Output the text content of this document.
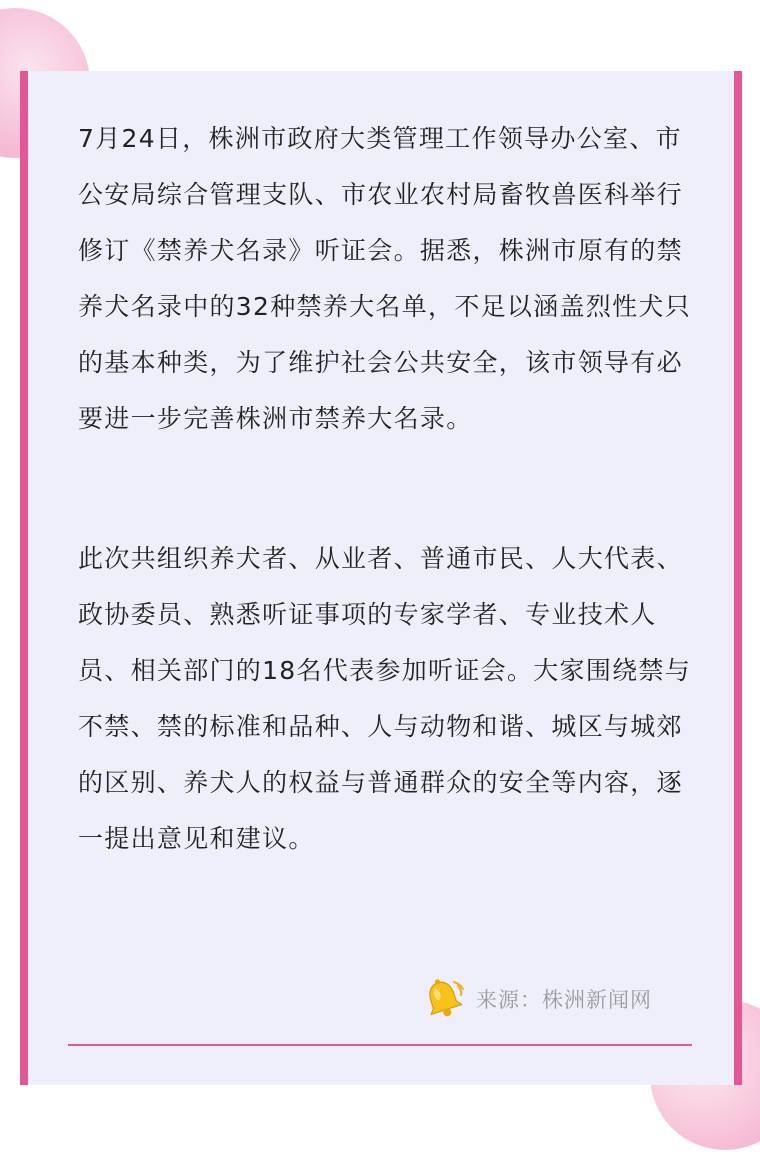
7月24日，株洲市政府大类管理工作领导办公室、市公安局综合管理支队、市农业农村局畜牧兽医科举行修订《禁养犬名录》听证会。据悉，株洲市原有的禁养犬名录中的32种禁养大名单，不足以涵盖烈性犬只的基本种类，为了维护社会公共安全，该市领导有必要进一步完善株洲市禁养大名录。

此次共组织养犬者、从业者、普通市民、人大代表、政协委员、熟悉听证事项的专家学者、专业技术人员、相关部门的18名代表参加听证会。大家围绕禁与不禁、禁的标准和品种、人与动物和谐、城区与城郊的区别、养犬人的权益与普通群众的安全等内容，逐一提出意见和建议。

来源：株洲新闻网
